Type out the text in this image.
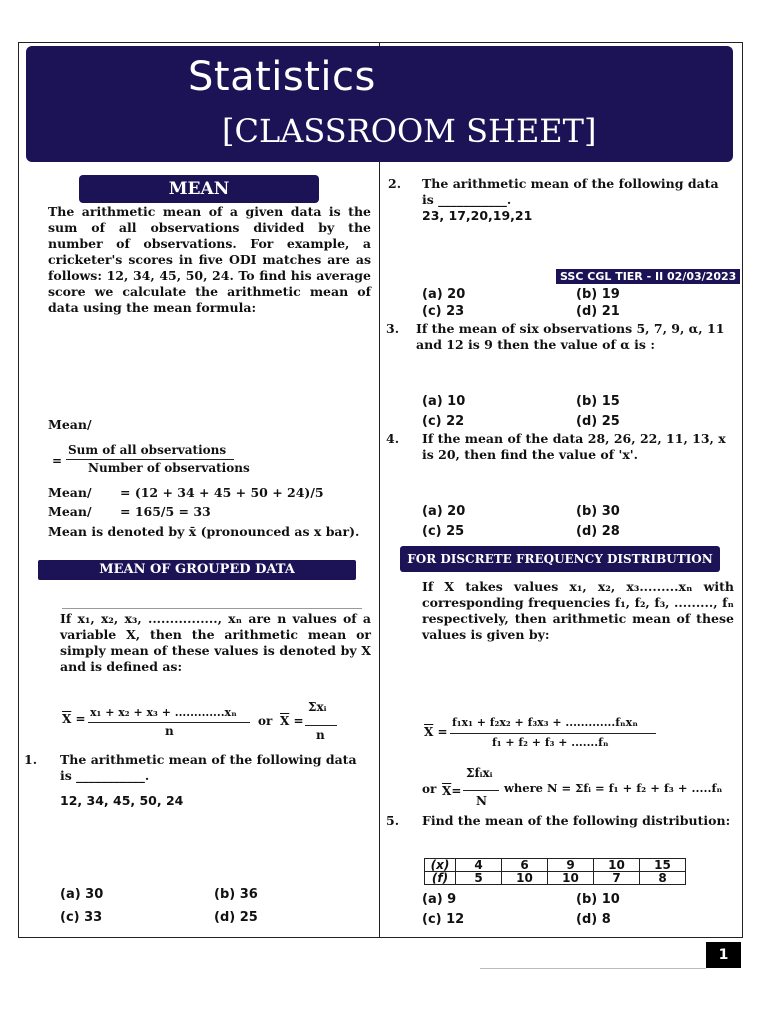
Statistics
[CLASSROOM SHEET]
MEAN
The arithmetic mean of a given data is the sum of all observations divided by the number of observations. For example, a cricketer's scores in five ODI matches are as follows: 12, 34, 45, 50, 24. To find his average score we calculate the arithmetic mean of data using the mean formula:
Mean/
=
Sum of all observations
Number of observations
Mean/ = (12 + 34 + 45 + 50 + 24)/5
Mean/ = 165/5 = 33
Mean is denoted by x̄ (pronounced as x bar).
MEAN OF GROUPED DATA
If x₁, x₂, x₃, ................, xₙ are n values of a variable X, then the arithmetic mean or simply mean of these values is denoted by X and is defined as:
$\overline{X} = x_1 + x_2 + x_3 + .............x_n$
n
or $\overline{X}$ =
Σxᵢ
n
1. The arithmetic mean of the following data is ___________.
12, 34, 45, 50, 24
(a) 30	(b) 36
(c) 33	(d) 25
2. The arithmetic mean of the following data is ___________.
23, 17,20,19,21
SSC CGL TIER - II 02/03/2023
(a) 20	(b) 19
(c) 23	(d) 21
3. If the mean of six observations 5, 7, 9, α, 11 and 12 is 9 then the value of α is :
(a) 10	(b) 15
(c) 22	(d) 25
4. If the mean of the data 28, 26, 22, 11, 13, x is 20, then find the value of 'x'.
(a) 20	(b) 30
(c) 25	(d) 28
FOR DISCRETE FREQUENCY DISTRIBUTION
If X takes values x₁, x₂, x₃.........xₙ with corresponding frequencies f₁, f₂, f₃, ........., fₙ respectively, then arithmetic mean of these values is given by:
$\overline{X}$ =
f₁x₁ + f₂x₂ + f₃x₃ + .............fₙxₙ
f₁ + f₂ + f₃ + .......fₙ
or $\overline{X}=$
Σfᵢxᵢ
N
where N = Σfᵢ = f₁ + f₂ + f₃ + .....fₙ
5. Find the mean of the following distribution:
(x)	4	6	9	10	15
(f)	5	10	10	7	8
(a) 9	(b) 10
(c) 12	(d) 8
1
